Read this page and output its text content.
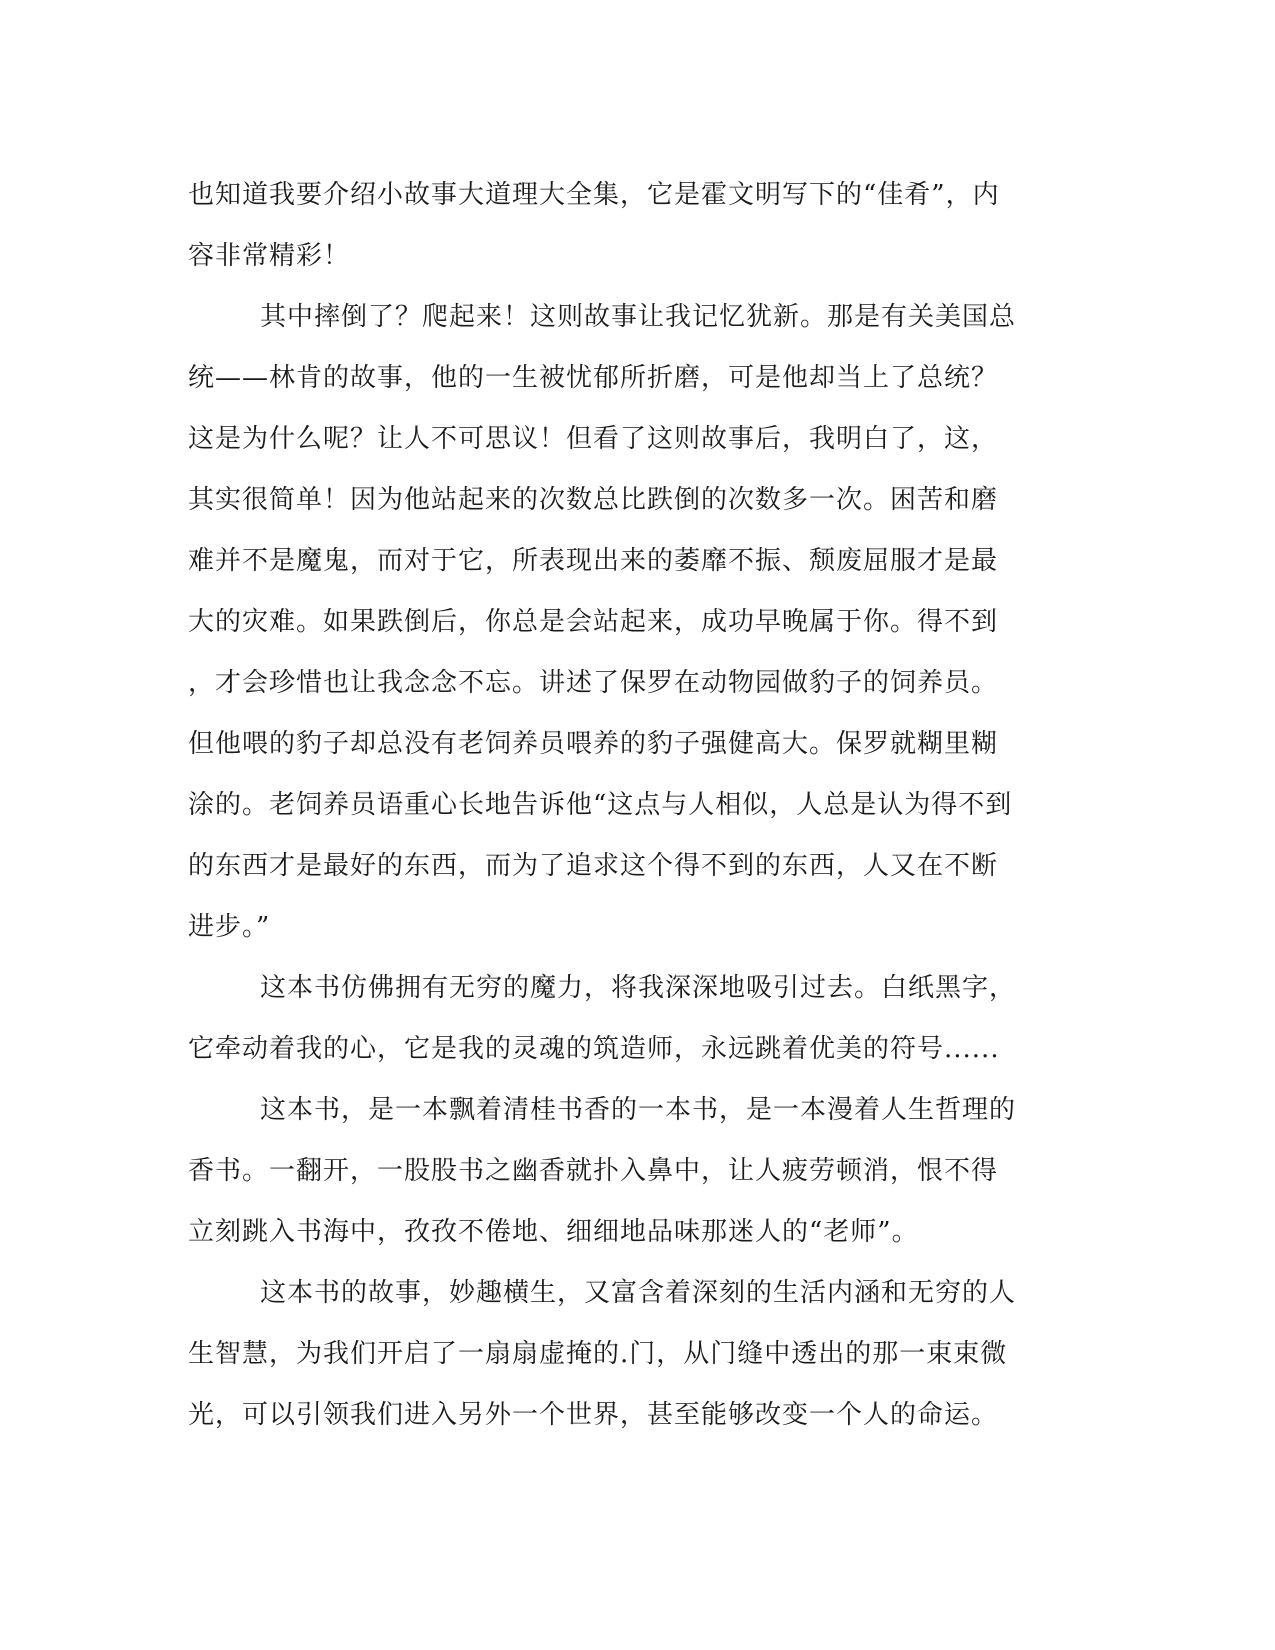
也知道我要介绍小故事大道理大全集，它是霍文明写下的“佳肴”，内
容非常精彩！
其中摔倒了？爬起来！这则故事让我记忆犹新。那是有关美国总
统——林肯的故事，他的一生被忧郁所折磨，可是他却当上了总统？
这是为什么呢？让人不可思议！但看了这则故事后，我明白了，这，
其实很简单！因为他站起来的次数总比跌倒的次数多一次。困苦和磨
难并不是魔鬼，而对于它，所表现出来的萎靡不振、颓废屈服才是最
大的灾难。如果跌倒后，你总是会站起来，成功早晚属于你。得不到
，才会珍惜也让我念念不忘。讲述了保罗在动物园做豹子的饲养员。
但他喂的豹子却总没有老饲养员喂养的豹子强健高大。保罗就糊里糊
涂的。老饲养员语重心长地告诉他“这点与人相似，人总是认为得不到
的东西才是最好的东西，而为了追求这个得不到的东西，人又在不断
进步。”
这本书仿佛拥有无穷的魔力，将我深深地吸引过去。白纸黑字，
它牵动着我的心，它是我的灵魂的筑造师，永远跳着优美的符号......
这本书，是一本飘着清桂书香的一本书，是一本漫着人生哲理的
香书。一翻开，一股股书之幽香就扑入鼻中，让人疲劳顿消，恨不得
立刻跳入书海中，孜孜不倦地、细细地品味那迷人的“老师”。
这本书的故事，妙趣横生，又富含着深刻的生活内涵和无穷的人
生智慧，为我们开启了一扇扇虚掩的.门，从门缝中透出的那一束束微
光，可以引领我们进入另外一个世界，甚至能够改变一个人的命运。
